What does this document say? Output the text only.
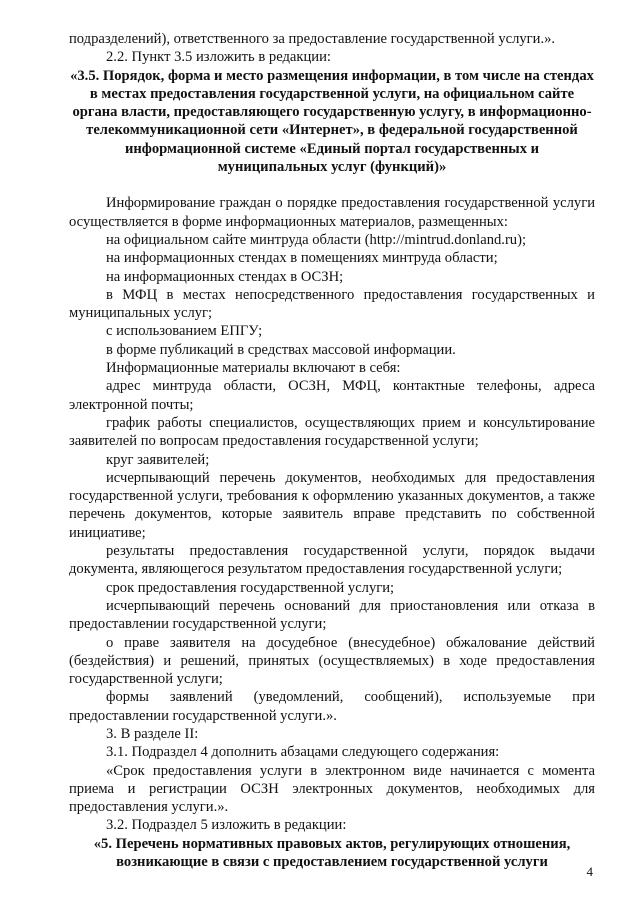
подразделений), ответственного за предоставление государственной услуги.».

2.2. Пункт 3.5 изложить в редакции:

«3.5. Порядок, форма и место размещения информации, в том числе на стендах в местах предоставления государственной услуги, на официальном сайте органа власти, предоставляющего государственную услугу, в информационно-телекоммуникационной сети «Интернет», в федеральной государственной информационной системе «Единый портал государственных и муниципальных услуг (функций)»

Информирование граждан о порядке предоставления государственной услуги осуществляется в форме информационных материалов, размещенных:

на официальном сайте минтруда области (http://mintrud.donland.ru);

на информационных стендах в помещениях минтруда области;

на информационных стендах в ОСЗН;

в МФЦ в местах непосредственного предоставления государственных и муниципальных услуг;

с использованием ЕПГУ;

в форме публикаций в средствах массовой информации.

Информационные материалы включают в себя:

адрес минтруда области, ОСЗН, МФЦ, контактные телефоны, адреса электронной почты;

график работы специалистов, осуществляющих прием и консультирование заявителей по вопросам предоставления государственной услуги;

круг заявителей;

исчерпывающий перечень документов, необходимых для предоставления государственной услуги, требования к оформлению указанных документов, а также перечень документов, которые заявитель вправе представить по собственной инициативе;

результаты предоставления государственной услуги, порядок выдачи документа, являющегося результатом предоставления государственной услуги;

срок предоставления государственной услуги;

исчерпывающий перечень оснований для приостановления или отказа в предоставлении государственной услуги;

о праве заявителя на досудебное (внесудебное) обжалование действий (бездействия) и решений, принятых (осуществляемых) в ходе предоставления государственной услуги;

формы заявлений (уведомлений, сообщений), используемые при предоставлении государственной услуги.».

3. В разделе II:

3.1. Подраздел 4 дополнить абзацами следующего содержания:

«Срок предоставления услуги в электронном виде начинается с момента приема и регистрации ОСЗН электронных документов, необходимых для предоставления услуги.».

3.2. Подраздел 5 изложить в редакции:

«5. Перечень нормативных правовых актов, регулирующих отношения, возникающие в связи с предоставлением государственной услуги

4
